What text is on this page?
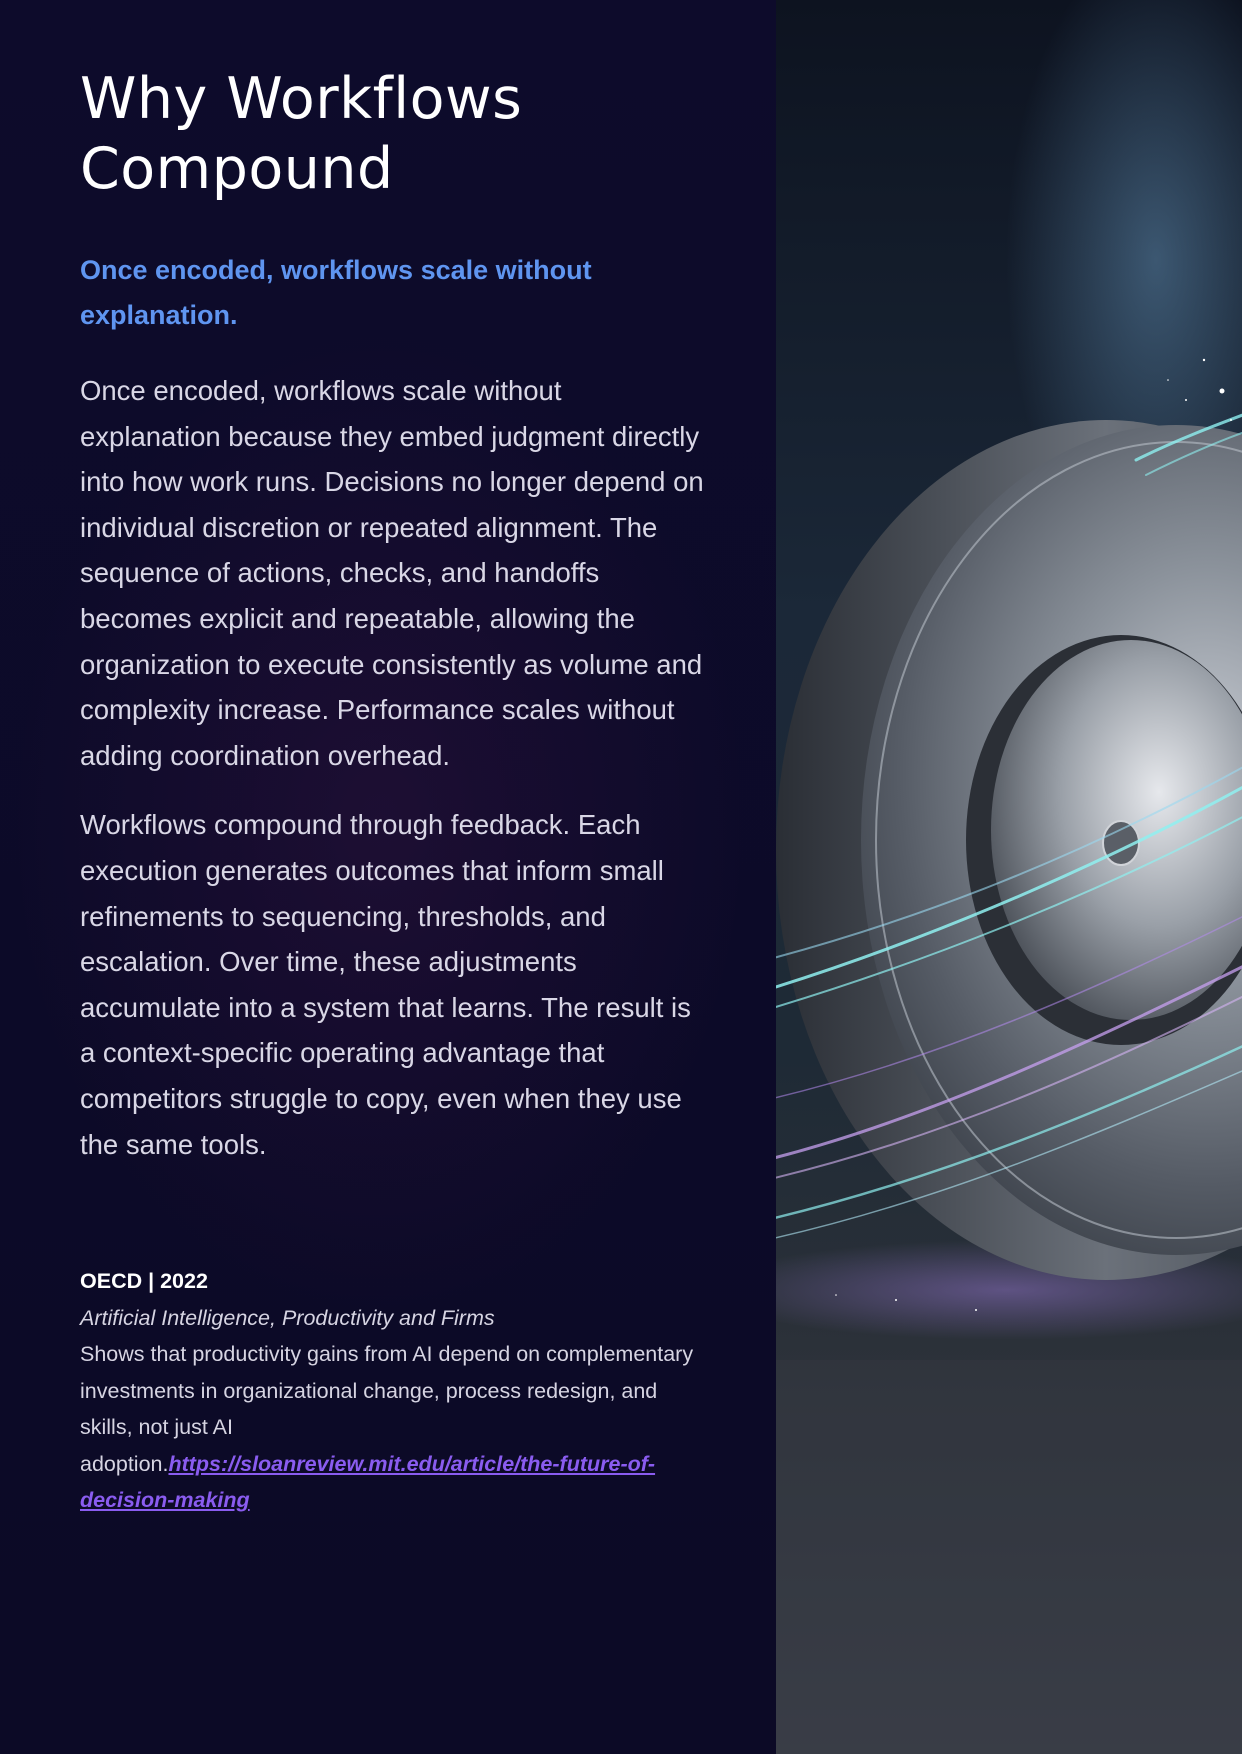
Why Workflows
Compound

Once encoded, workflows scale without explanation.

Once encoded, workflows scale without explanation because they embed judgment directly into how work runs. Decisions no longer depend on individual discretion or repeated alignment. The sequence of actions, checks, and handoffs becomes explicit and repeatable, allowing the organization to execute consistently as volume and complexity increase. Performance scales without adding coordination overhead.

Workflows compound through feedback. Each execution generates outcomes that inform small refinements to sequencing, thresholds, and escalation. Over time, these adjustments accumulate into a system that learns. The result is a context-specific operating advantage that competitors struggle to copy, even when they use the same tools.

OECD | 2022
Artificial Intelligence, Productivity and Firms
Shows that productivity gains from AI depend on complementary investments in organizational change, process redesign, and skills, not just AI adoption.https://sloanreview.mit.edu/article/the-future-of-decision-making
